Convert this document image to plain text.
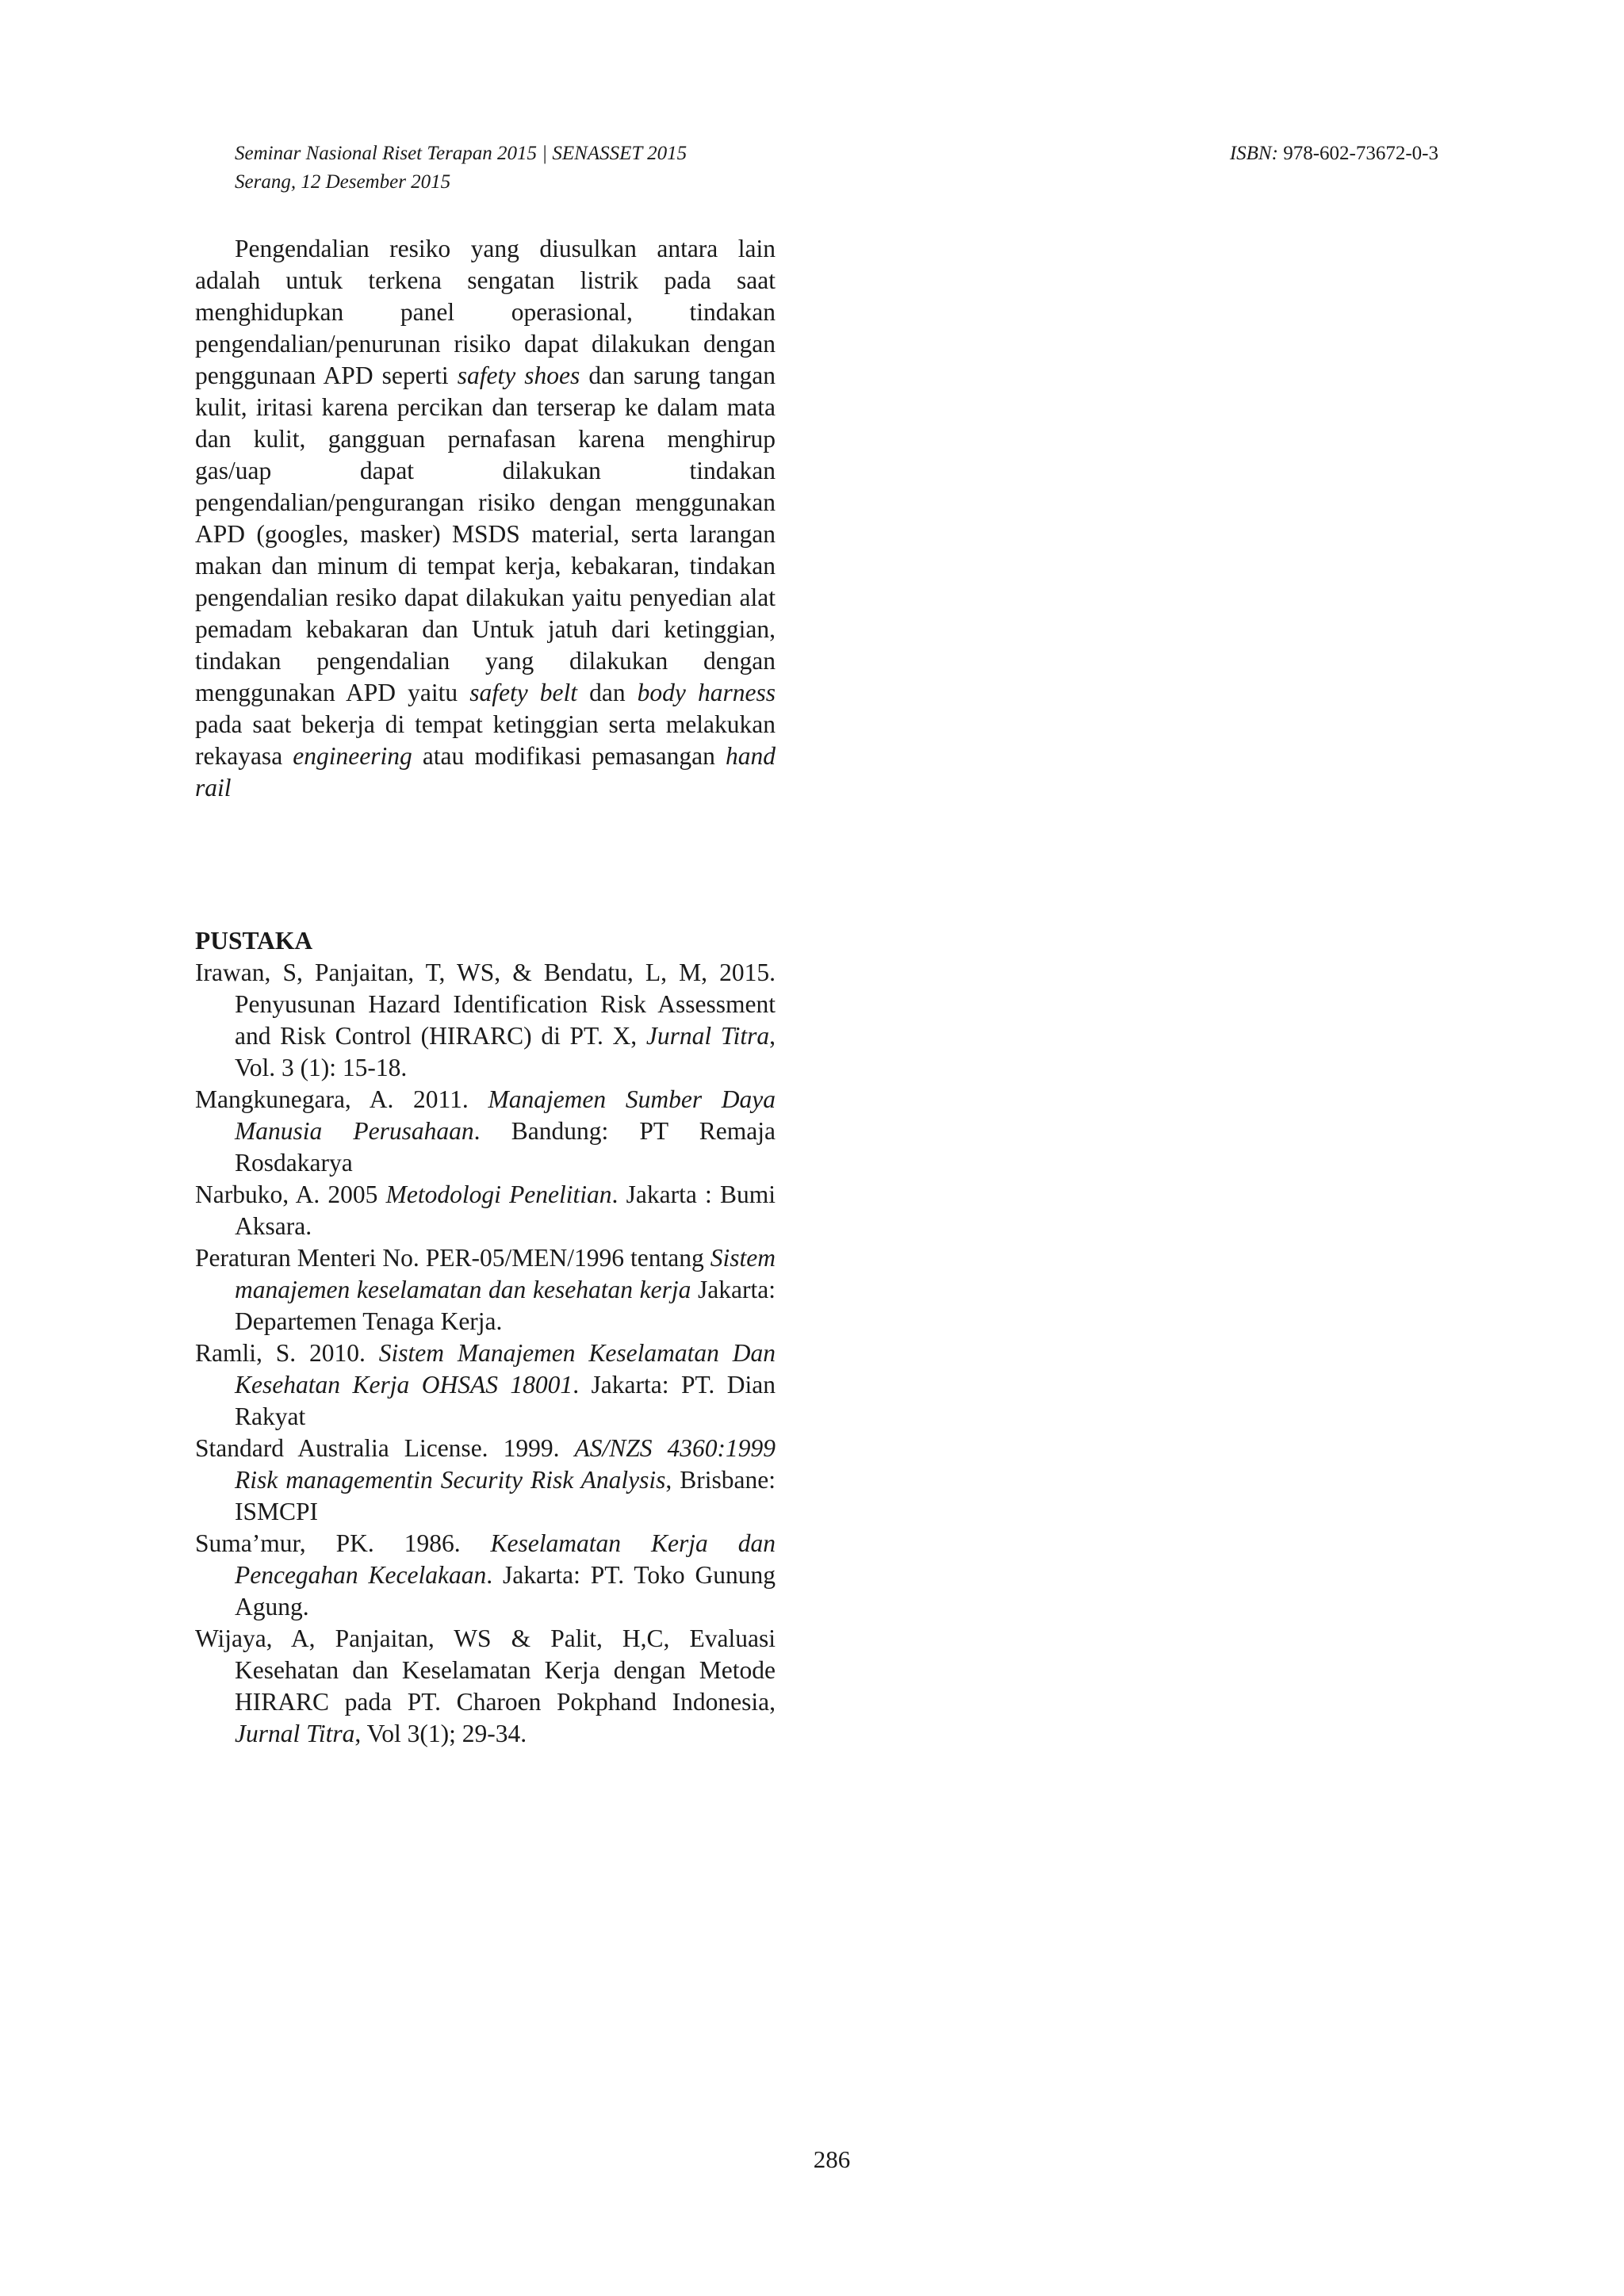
Seminar Nasional Riset Terapan 2015 | SENASSET 2015
Serang, 12 Desember 2015
ISBN: 978-602-73672-0-3

Pengendalian resiko yang diusulkan antara lain adalah untuk terkena sengatan listrik pada saat menghidupkan panel operasional, tindakan pengendalian/penurunan risiko dapat dilakukan dengan penggunaan APD seperti safety shoes dan sarung tangan kulit, iritasi karena percikan dan terserap ke dalam mata dan kulit, gangguan pernafasan karena menghirup gas/uap dapat dilakukan tindakan pengendalian/pengurangan risiko dengan menggunakan APD (googles, masker) MSDS material, serta larangan makan dan minum di tempat kerja, kebakaran, tindakan pengendalian resiko dapat dilakukan yaitu penyedian alat pemadam kebakaran dan Untuk jatuh dari ketinggian, tindakan pengendalian yang dilakukan dengan menggunakan APD yaitu safety belt dan body harness pada saat bekerja di tempat ketinggian serta melakukan rekayasa engineering atau modifikasi pemasangan hand rail

PUSTAKA
Irawan, S, Panjaitan, T, WS, & Bendatu, L, M, 2015. Penyusunan Hazard Identification Risk Assessment and Risk Control (HIRARC) di PT. X, Jurnal Titra, Vol. 3 (1): 15-18.
Mangkunegara, A. 2011. Manajemen Sumber Daya Manusia Perusahaan. Bandung: PT Remaja Rosdakarya
Narbuko, A. 2005 Metodologi Penelitian. Jakarta : Bumi Aksara.
Peraturan Menteri No. PER-05/MEN/1996 tentang Sistem manajemen keselamatan dan kesehatan kerja Jakarta: Departemen Tenaga Kerja.
Ramli, S. 2010. Sistem Manajemen Keselamatan Dan Kesehatan Kerja OHSAS 18001. Jakarta: PT. Dian Rakyat
Standard Australia License. 1999. AS/NZS 4360:1999 Risk managementin Security Risk Analysis, Brisbane: ISMCPI
Suma’mur, PK. 1986. Keselamatan Kerja dan Pencegahan Kecelakaan. Jakarta: PT. Toko Gunung Agung.
Wijaya, A, Panjaitan, WS & Palit, H,C, Evaluasi Kesehatan dan Keselamatan Kerja dengan Metode HIRARC pada PT. Charoen Pokphand Indonesia, Jurnal Titra, Vol 3(1); 29-34.
286
